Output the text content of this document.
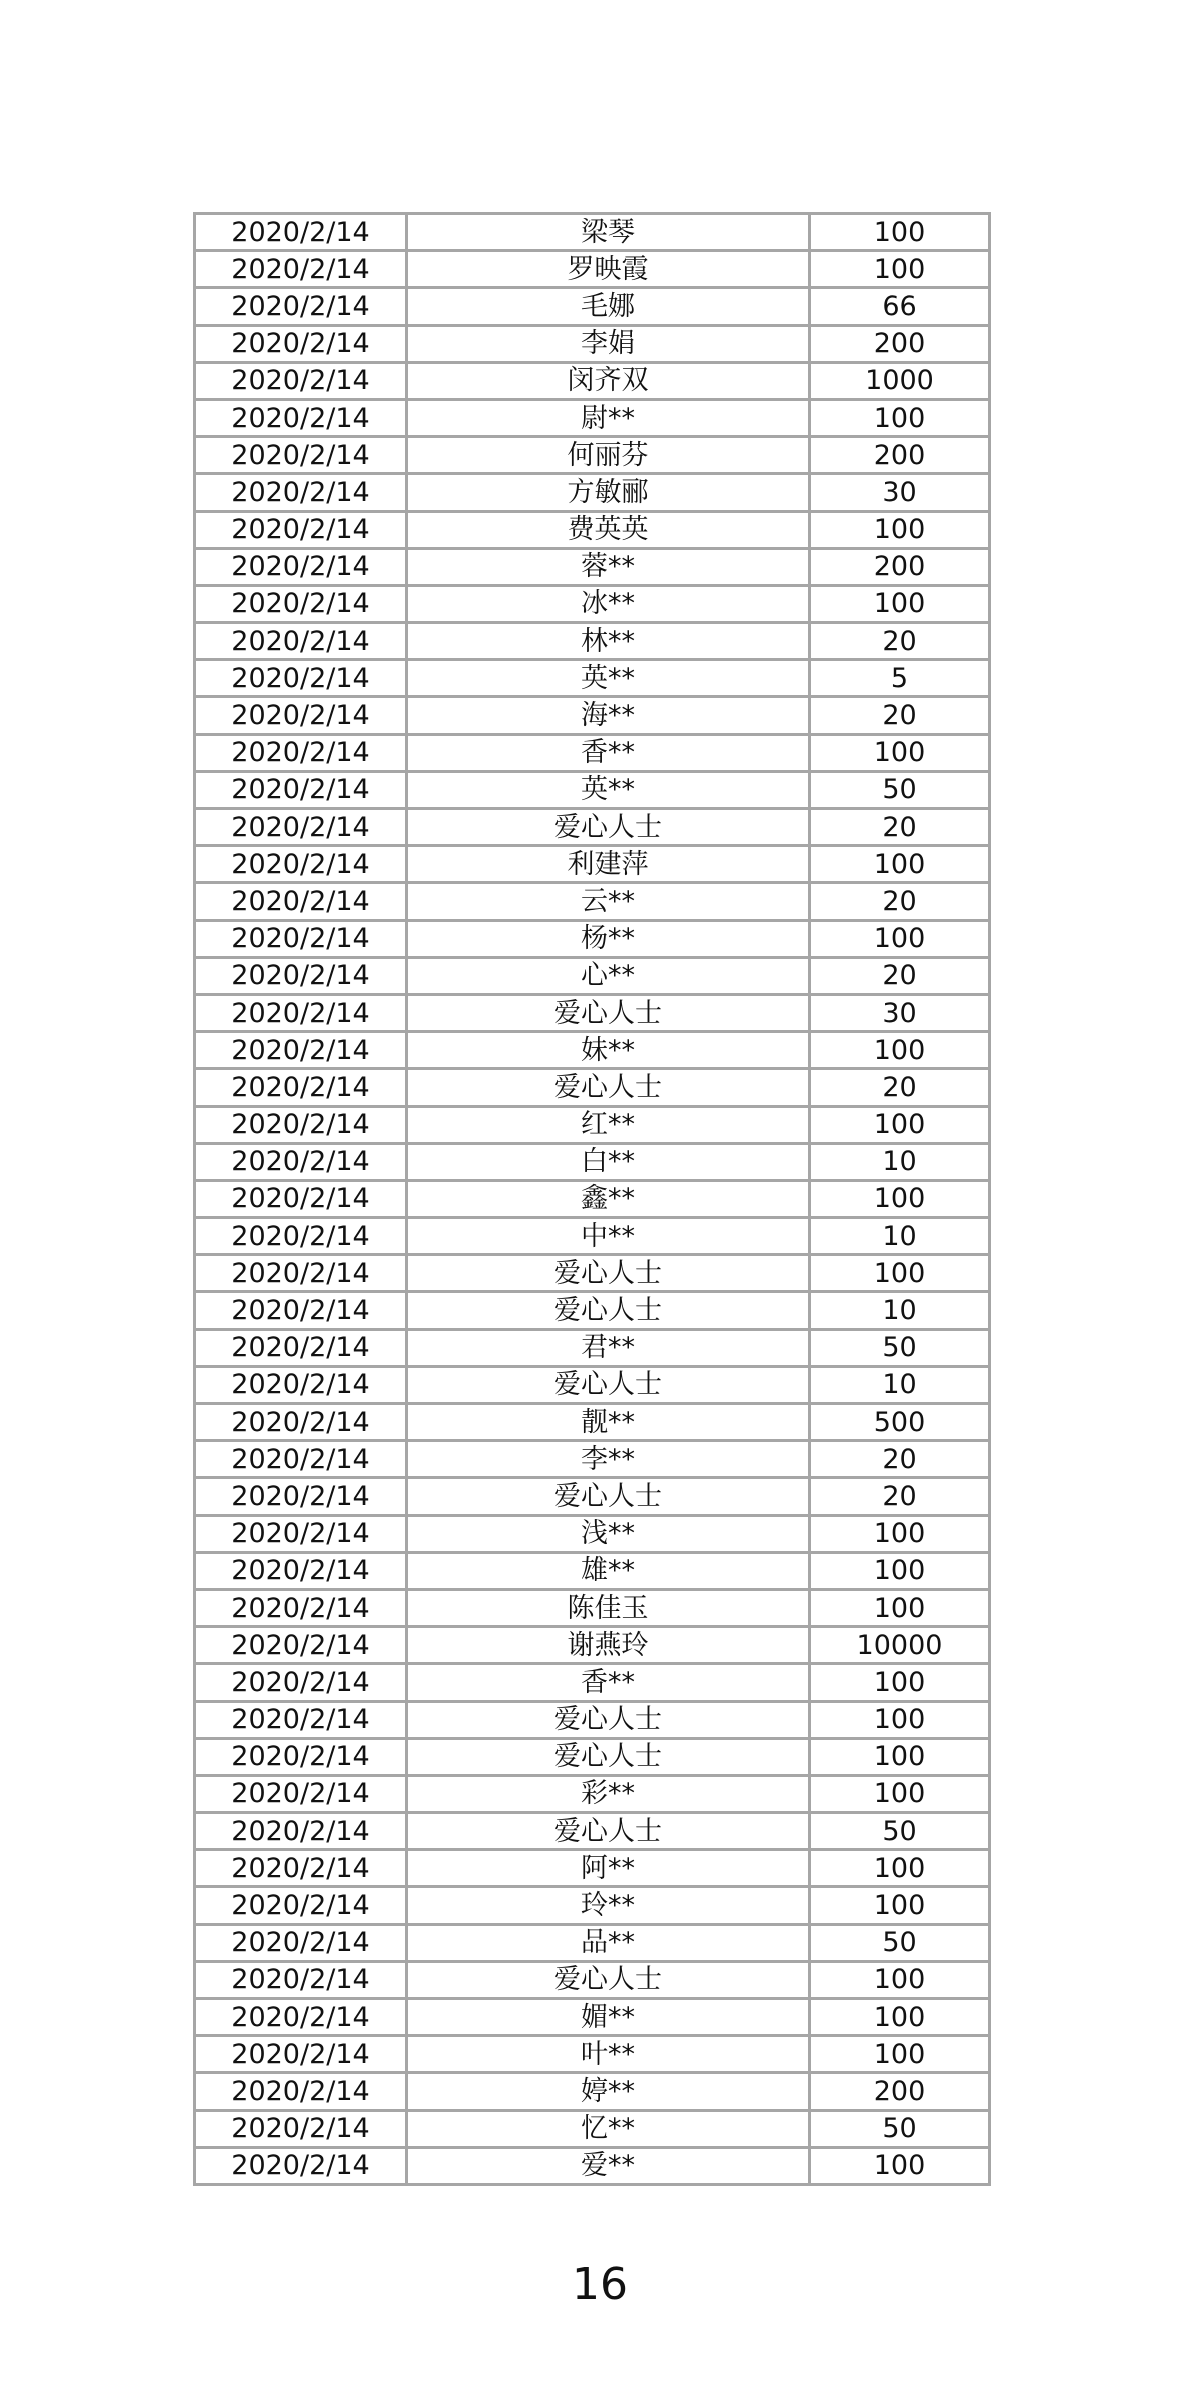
2020/2/14	梁琴	100
2020/2/14	罗映霞	100
2020/2/14	毛娜	66
2020/2/14	李娟	200
2020/2/14	闵齐双	1000
2020/2/14	尉**	100
2020/2/14	何丽芬	200
2020/2/14	方敏郦	30
2020/2/14	费英英	100
2020/2/14	蓉**	200
2020/2/14	冰**	100
2020/2/14	林**	20
2020/2/14	英**	5
2020/2/14	海**	20
2020/2/14	香**	100
2020/2/14	英**	50
2020/2/14	爱心人士	20
2020/2/14	利建萍	100
2020/2/14	云**	20
2020/2/14	杨**	100
2020/2/14	心**	20
2020/2/14	爱心人士	30
2020/2/14	妹**	100
2020/2/14	爱心人士	20
2020/2/14	红**	100
2020/2/14	白**	10
2020/2/14	鑫**	100
2020/2/14	中**	10
2020/2/14	爱心人士	100
2020/2/14	爱心人士	10
2020/2/14	君**	50
2020/2/14	爱心人士	10
2020/2/14	靓**	500
2020/2/14	李**	20
2020/2/14	爱心人士	20
2020/2/14	浅**	100
2020/2/14	雄**	100
2020/2/14	陈佳玉	100
2020/2/14	谢燕玲	10000
2020/2/14	香**	100
2020/2/14	爱心人士	100
2020/2/14	爱心人士	100
2020/2/14	彩**	100
2020/2/14	爱心人士	50
2020/2/14	阿**	100
2020/2/14	玲**	100
2020/2/14	品**	50
2020/2/14	爱心人士	100
2020/2/14	媚**	100
2020/2/14	叶**	100
2020/2/14	婷**	200
2020/2/14	忆**	50
2020/2/14	爱**	100
16
